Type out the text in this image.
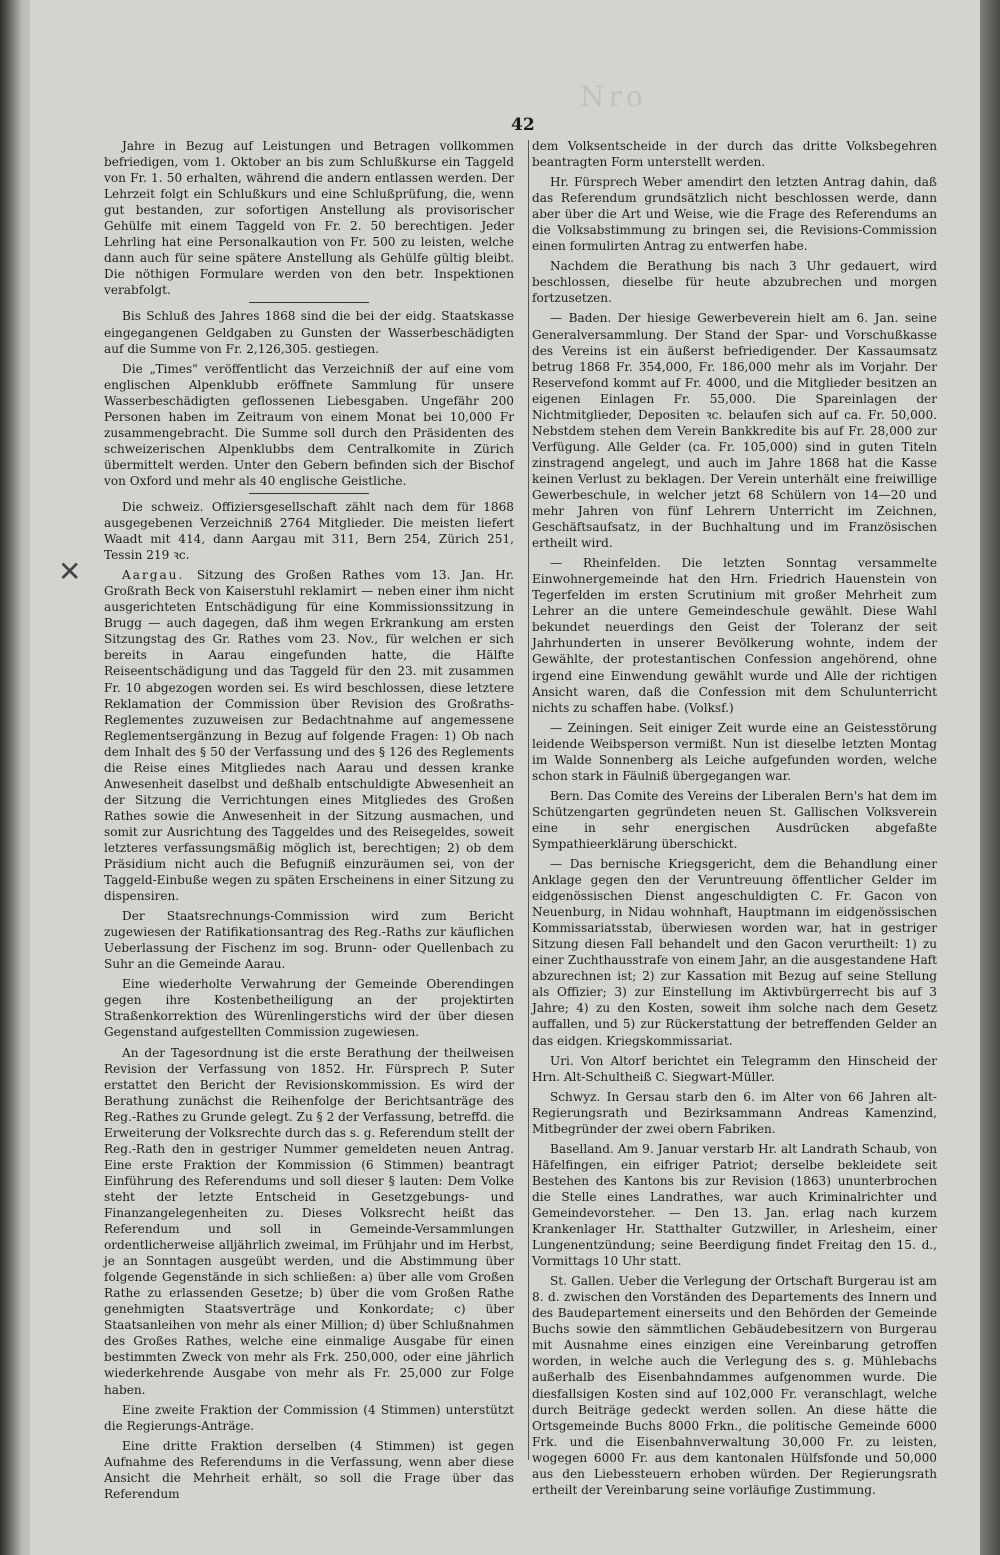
Nro
42
✕

Jahre in Bezug auf Leistungen und Betragen vollkommen befriedigen, vom 1. Oktober an bis zum Schlußkurse ein Taggeld von Fr. 1. 50 erhalten, während die andern entlassen werden. Der Lehrzeit folgt ein Schlußkurs und eine Schlußprüfung, die, wenn gut bestanden, zur sofortigen Anstellung als provisorischer Gehülfe mit einem Taggeld von Fr. 2. 50 berechtigen. Jeder Lehrling hat eine Personalkaution von Fr. 500 zu leisten, welche dann auch für seine spätere Anstellung als Gehülfe gültig bleibt. Die nöthigen Formulare werden von den betr. Inspektionen verabfolgt.

Bis Schluß des Jahres 1868 sind die bei der eidg. Staatskasse eingegangenen Geldgaben zu Gunsten der Wasserbeschädigten auf die Summe von Fr. 2,126,305. gestiegen.

Die „Times" veröffentlicht das Verzeichniß der auf eine vom englischen Alpenklubb eröffnete Sammlung für unsere Wasserbeschädigten geflossenen Liebesgaben. Ungefähr 200 Personen haben im Zeitraum von einem Monat bei 10,000 Fr zusammengebracht. Die Summe soll durch den Präsidenten des schweizerischen Alpenklubbs dem Centralkomite in Zürich übermittelt werden. Unter den Gebern befinden sich der Bischof von Oxford und mehr als 40 englische Geistliche.

Die schweiz. Offiziersgesellschaft zählt nach dem für 1868 ausgegebenen Verzeichniß 2764 Mitglieder. Die meisten liefert Waadt mit 414, dann Aargau mit 311, Bern 254, Zürich 251, Tessin 219 ꝛc.

Aargau. Sitzung des Großen Rathes vom 13. Jan. Hr. Großrath Beck von Kaiserstuhl reklamirt — neben einer ihm nicht ausgerichteten Entschädigung für eine Kommissionssitzung in Brugg — auch dagegen, daß ihm wegen Erkrankung am ersten Sitzungstag des Gr. Rathes vom 23. Nov., für welchen er sich bereits in Aarau eingefunden hatte, die Hälfte Reiseentschädigung und das Taggeld für den 23. mit zusammen Fr. 10 abgezogen worden sei. Es wird beschlossen, diese letztere Reklamation der Commission über Revision des Großraths-Reglementes zuzuweisen zur Bedachtnahme auf angemessene Reglementsergänzung in Bezug auf folgende Fragen: 1) Ob nach dem Inhalt des § 50 der Verfassung und des § 126 des Reglements die Reise eines Mitgliedes nach Aarau und dessen kranke Anwesenheit daselbst und deßhalb entschuldigte Abwesenheit an der Sitzung die Verrichtungen eines Mitgliedes des Großen Rathes sowie die Anwesenheit in der Sitzung ausmachen, und somit zur Ausrichtung des Taggeldes und des Reisegeldes, soweit letzteres verfassungsmäßig möglich ist, berechtigen; 2) ob dem Präsidium nicht auch die Befugniß einzuräumen sei, von der Taggeld-Einbuße wegen zu späten Erscheinens in einer Sitzung zu dispensiren.

Der Staatsrechnungs-Commission wird zum Bericht zugewiesen der Ratifikationsantrag des Reg.-Raths zur käuflichen Ueberlassung der Fischenz im sog. Brunn- oder Quellenbach zu Suhr an die Gemeinde Aarau.

Eine wiederholte Verwahrung der Gemeinde Oberendingen gegen ihre Kostenbetheiligung an der projektirten Straßenkorrektion des Würenlingerstichs wird der über diesen Gegenstand aufgestellten Commission zugewiesen.

An der Tagesordnung ist die erste Berathung der theilweisen Revision der Verfassung von 1852. Hr. Fürsprech P. Suter erstattet den Bericht der Revisionskommission. Es wird der Berathung zunächst die Reihenfolge der Berichtsanträge des Reg.-Rathes zu Grunde gelegt. Zu § 2 der Verfassung, betreffd. die Erweiterung der Volksrechte durch das s. g. Referendum stellt der Reg.-Rath den in gestriger Nummer gemeldeten neuen Antrag. Eine erste Fraktion der Kommission (6 Stimmen) beantragt Einführung des Referendums und soll dieser § lauten: Dem Volke steht der letzte Entscheid in Gesetzgebungs- und Finanzangelegenheiten zu. Dieses Volksrecht heißt das Referendum und soll in Gemeinde-Versammlungen ordentlicherweise alljährlich zweimal, im Frühjahr und im Herbst, je an Sonntagen ausgeübt werden, und die Abstimmung über folgende Gegenstände in sich schließen: a) über alle vom Großen Rathe zu erlassenden Gesetze; b) über die vom Großen Rathe genehmigten Staatsverträge und Konkordate; c) über Staatsanleihen von mehr als einer Million; d) über Schlußnahmen des Großes Rathes, welche eine einmalige Ausgabe für einen bestimmten Zweck von mehr als Frk. 250,000, oder eine jährlich wiederkehrende Ausgabe von mehr als Fr. 25,000 zur Folge haben.

Eine zweite Fraktion der Commission (4 Stimmen) unterstützt die Regierungs-Anträge.

Eine dritte Fraktion derselben (4 Stimmen) ist gegen Aufnahme des Referendums in die Verfassung, wenn aber diese Ansicht die Mehrheit erhält, so soll die Frage über das Referendum

dem Volksentscheide in der durch das dritte Volksbegehren beantragten Form unterstellt werden.

Hr. Fürsprech Weber amendirt den letzten Antrag dahin, daß das Referendum grundsätzlich nicht beschlossen werde, dann aber über die Art und Weise, wie die Frage des Referendums an die Volksabstimmung zu bringen sei, die Revisions-Commission einen formulirten Antrag zu entwerfen habe.

Nachdem die Berathung bis nach 3 Uhr gedauert, wird beschlossen, dieselbe für heute abzubrechen und morgen fortzusetzen.

— Baden. Der hiesige Gewerbeverein hielt am 6. Jan. seine Generalversammlung. Der Stand der Spar- und Vorschußkasse des Vereins ist ein äußerst befriedigender. Der Kassaumsatz betrug 1868 Fr. 354,000, Fr. 186,000 mehr als im Vorjahr. Der Reservefond kommt auf Fr. 4000, und die Mitglieder besitzen an eigenen Einlagen Fr. 55,000. Die Spareinlagen der Nichtmitglieder, Depositen ꝛc. belaufen sich auf ca. Fr. 50,000. Nebstdem stehen dem Verein Bankkredite bis auf Fr. 28,000 zur Verfügung. Alle Gelder (ca. Fr. 105,000) sind in guten Titeln zinstragend angelegt, und auch im Jahre 1868 hat die Kasse keinen Verlust zu beklagen. Der Verein unterhält eine freiwillige Gewerbeschule, in welcher jetzt 68 Schülern von 14—20 und mehr Jahren von fünf Lehrern Unterricht im Zeichnen, Geschäftsaufsatz, in der Buchhaltung und im Französischen ertheilt wird.

— Rheinfelden. Die letzten Sonntag versammelte Einwohnergemeinde hat den Hrn. Friedrich Hauenstein von Tegerfelden im ersten Scrutinium mit großer Mehrheit zum Lehrer an die untere Gemeindeschule gewählt. Diese Wahl bekundet neuerdings den Geist der Toleranz der seit Jahrhunderten in unserer Bevölkerung wohnte, indem der Gewählte, der protestantischen Confession angehörend, ohne irgend eine Einwendung gewählt wurde und Alle der richtigen Ansicht waren, daß die Confession mit dem Schulunterricht nichts zu schaffen habe. (Volksf.)

— Zeiningen. Seit einiger Zeit wurde eine an Geistesstörung leidende Weibsperson vermißt. Nun ist dieselbe letzten Montag im Walde Sonnenberg als Leiche aufgefunden worden, welche schon stark in Fäulniß übergegangen war.

Bern. Das Comite des Vereins der Liberalen Bern's hat dem im Schützengarten gegründeten neuen St. Gallischen Volksverein eine in sehr energischen Ausdrücken abgefaßte Sympathieerklärung überschickt.

— Das bernische Kriegsgericht, dem die Behandlung einer Anklage gegen den der Veruntreuung öffentlicher Gelder im eidgenössischen Dienst angeschuldigten C. Fr. Gacon von Neuenburg, in Nidau wohnhaft, Hauptmann im eidgenössischen Kommissariatsstab, überwiesen worden war, hat in gestriger Sitzung diesen Fall behandelt und den Gacon verurtheilt: 1) zu einer Zuchthausstrafe von einem Jahr, an die ausgestandene Haft abzurechnen ist; 2) zur Kassation mit Bezug auf seine Stellung als Offizier; 3) zur Einstellung im Aktivbürgerrecht bis auf 3 Jahre; 4) zu den Kosten, soweit ihm solche nach dem Gesetz auffallen, und 5) zur Rückerstattung der betreffenden Gelder an das eidgen. Kriegskommissariat.

Uri. Von Altorf berichtet ein Telegramm den Hinscheid der Hrn. Alt-Schultheiß C. Siegwart-Müller.

Schwyz. In Gersau starb den 6. im Alter von 66 Jahren alt-Regierungsrath und Bezirksammann Andreas Kamenzind, Mitbegründer der zwei obern Fabriken.

Baselland. Am 9. Januar verstarb Hr. alt Landrath Schaub, von Häfelfingen, ein eifriger Patriot; derselbe bekleidete seit Bestehen des Kantons bis zur Revision (1863) ununterbrochen die Stelle eines Landrathes, war auch Kriminalrichter und Gemeindevorsteher. — Den 13. Jan. erlag nach kurzem Krankenlager Hr. Statthalter Gutzwiller, in Arlesheim, einer Lungenentzündung; seine Beerdigung findet Freitag den 15. d., Vormittags 10 Uhr statt.

St. Gallen. Ueber die Verlegung der Ortschaft Burgerau ist am 8. d. zwischen den Vorständen des Departements des Innern und des Baudepartement einerseits und den Behörden der Gemeinde Buchs sowie den sämmtlichen Gebäudebesitzern von Burgerau mit Ausnahme eines einzigen eine Vereinbarung getroffen worden, in welche auch die Verlegung des s. g. Mühlebachs außerhalb des Eisenbahndammes aufgenommen wurde. Die diesfallsigen Kosten sind auf 102,000 Fr. veranschlagt, welche durch Beiträge gedeckt werden sollen. An diese hätte die Ortsgemeinde Buchs 8000 Frkn., die politische Gemeinde 6000 Frk. und die Eisenbahnverwaltung 30,000 Fr. zu leisten, wogegen 6000 Fr. aus dem kantonalen Hülfsfonde und 50,000 aus den Liebessteuern erhoben würden. Der Regierungsrath ertheilt der Vereinbarung seine vorläufige Zustimmung.
